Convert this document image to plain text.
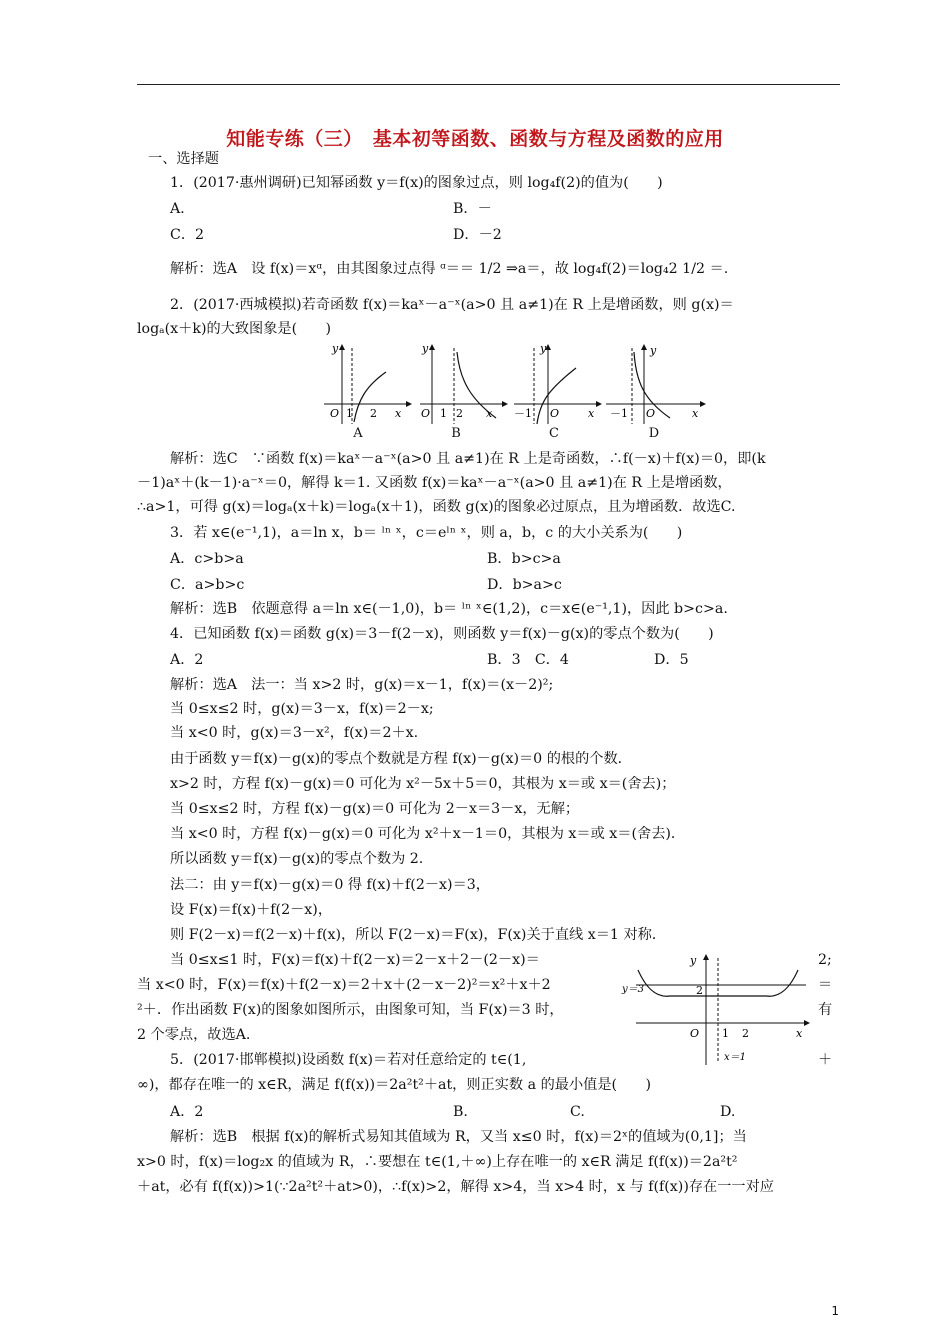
知能专练（三）　基本初等函数、函数与方程及函数的应用
一、选择题
1．(2017·惠州调研)已知幂函数 y＝f(x)的图象过点，则 log₄f(2)的值为(　　)
A．	B．－
C．2	D．－2
解析：选A　设 f(x)＝xᵅ，由其图象过点得 ᵅ＝＝ 1/2 ⇒a＝，故 log₄f(2)＝log₄2 1/2 ＝.
2．(2017·西城模拟)若奇函数 f(x)＝kaˣ－a⁻ˣ(a>0 且 a≠1)在 R 上是增函数，则 g(x)＝
logₐ(x＋k)的大致图象是(　　)
y
O 1 2 x
A
y
O 1 2 x
B
y
－1 O	x
C
y
－1 O	x
D
解析：选C　∵函数 f(x)＝kaˣ－a⁻ˣ(a>0 且 a≠1)在 R 上是奇函数，∴f(－x)＋f(x)＝0，即(k
－1)aˣ＋(k－1)·a⁻ˣ＝0，解得 k＝1. 又函数 f(x)＝kaˣ－a⁻ˣ(a>0 且 a≠1)在 R 上是增函数，
∴a>1，可得 g(x)＝logₐ(x＋k)＝logₐ(x＋1)，函数 g(x)的图象必过原点，且为增函数．故选C.
3．若 x∈(e⁻¹,1)，a＝ln x，b＝ ˡⁿ ˣ，c＝eˡⁿ ˣ，则 a，b，c 的大小关系为(　　)
A．c>b>a	B．b>c>a
C．a>b>c	D．b>a>c
解析：选B　依题意得 a＝ln x∈(－1,0)，b＝ ˡⁿ ˣ∈(1,2)，c＝x∈(e⁻¹,1)，因此 b>c>a.
4．已知函数 f(x)＝函数 g(x)＝3－f(2－x)，则函数 y＝f(x)－g(x)的零点个数为(　　)
A．2	B．3　C．4	D．5
解析：选A　法一：当 x>2 时，g(x)＝x－1，f(x)＝(x－2)²;
当 0≤x≤2 时，g(x)＝3－x，f(x)＝2－x;
当 x<0 时，g(x)＝3－x²，f(x)＝2＋x.
由于函数 y＝f(x)－g(x)的零点个数就是方程 f(x)－g(x)＝0 的根的个数．
x>2 时，方程 f(x)－g(x)＝0 可化为 x²－5x＋5＝0，其根为 x＝或 x＝(舍去)；
当 0≤x≤2 时，方程 f(x)－g(x)＝0 可化为 2－x＝3－x，无解；
当 x<0 时，方程 f(x)－g(x)＝0 可化为 x²＋x－1＝0，其根为 x＝或 x＝(舍去)．
所以函数 y＝f(x)－g(x)的零点个数为 2.
法二：由 y＝f(x)－g(x)＝0 得 f(x)＋f(2－x)＝3，
设 F(x)＝f(x)＋f(2－x)，
则 F(2－x)＝f(2－x)＋f(x)，所以 F(2－x)＝F(x)，F(x)关于直线 x＝1 对称．
当 0≤x≤1 时，F(x)＝f(x)＋f(2－x)＝2－x＋2－(2－x)＝	2;
当 x<0 时，F(x)＝f(x)＋f(2－x)＝2＋x＋(2－x－2)²＝x²＋x＋2	＝
²＋．作出函数 F(x)的图象如图所示，由图象可知，当 F(x)＝3 时，	有
2 个零点，故选A.
y
y＝3	2
O 1 2	x
x＝1
5．(2017·邯郸模拟)设函数 f(x)＝若对任意给定的 t∈(1,	＋
∞)，都存在唯一的 x∈R，满足 f(f(x))＝2a²t²＋at，则正实数 a 的最小值是(　　)
A．2	B.	C.	D.
解析：选B　根据 f(x)的解析式易知其值域为 R，又当 x≤0 时，f(x)＝2ˣ的值域为(0,1]；当
x>0 时，f(x)＝log₂x 的值域为 R，∴要想在 t∈(1,＋∞)上存在唯一的 x∈R 满足 f(f(x))＝2a²t²
＋at，必有 f(f(x))>1(∵2a²t²＋at>0)，∴f(x)>2，解得 x>4，当 x>4 时，x 与 f(f(x))存在一一对应
1
